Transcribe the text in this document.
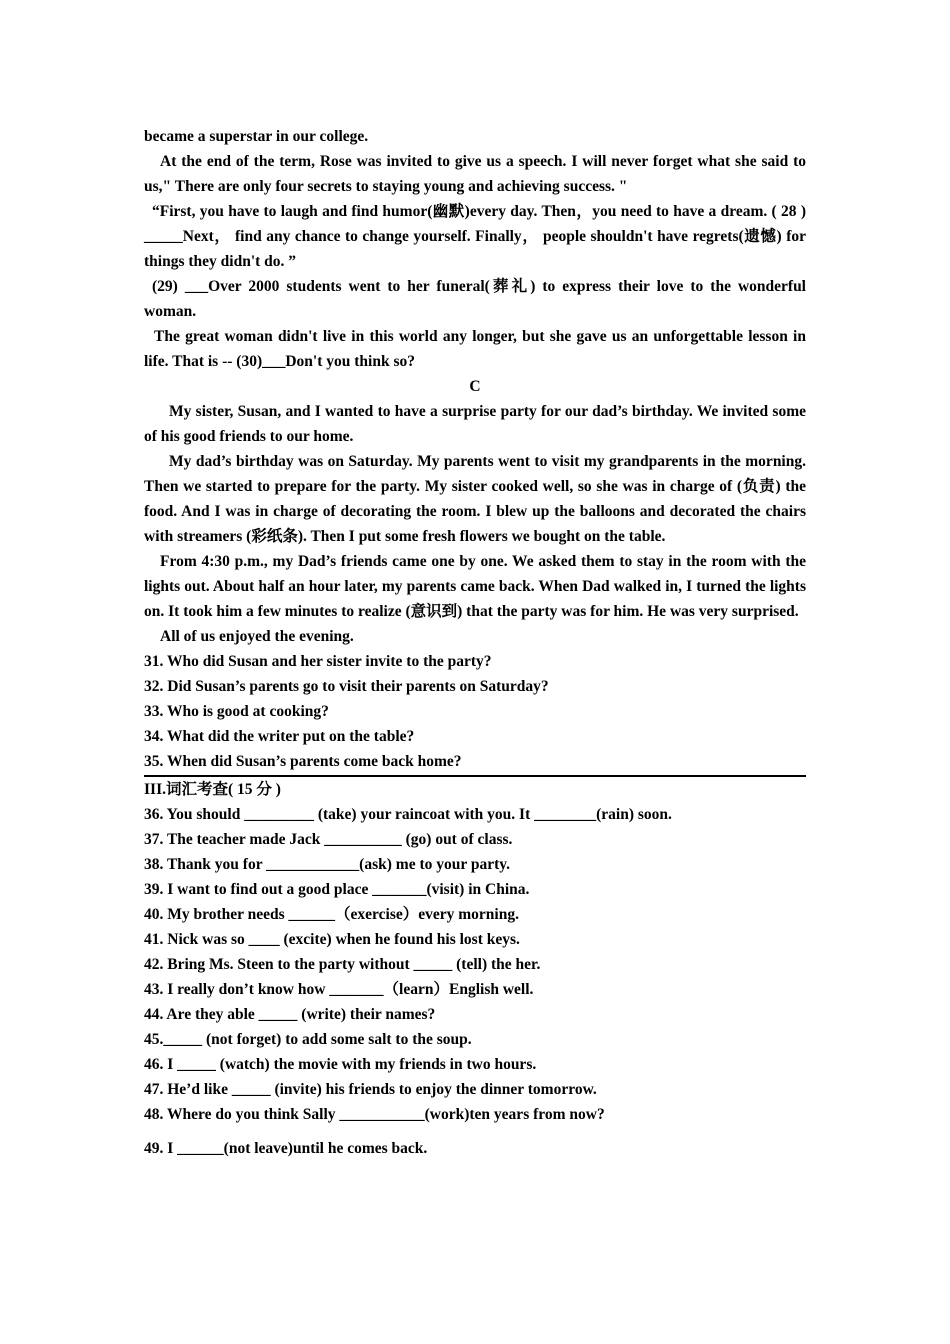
became a superstar in our college.

At the end of the term, Rose was invited to give us a speech. I will never forget what she said to us," There are only four secrets to staying young and achieving success. "

“First, you have to laugh and find humor(幽默)every day. Then，you need to have a dream. ( 28 ) _____Next， find any chance to change yourself. Finally， people shouldn't have regrets(遗憾) for things they didn't do. ”

(29) ___Over 2000 students went to her funeral(葬礼) to express their love to the wonderful woman.

The great woman didn't live in this world any longer, but she gave us an unforgettable lesson in life. That is -- (30)___Don't you think so?

C

My sister, Susan, and I wanted to have a surprise party for our dad’s birthday. We invited some of his good friends to our home.

My dad’s birthday was on Saturday. My parents went to visit my grandparents in the morning. Then we started to prepare for the party. My sister cooked well, so she was in charge of (负责) the food. And I was in charge of decorating the room. I blew up the balloons and decorated the chairs with streamers (彩纸条). Then I put some fresh flowers we bought on the table.

From 4:30 p.m., my Dad’s friends came one by one. We asked them to stay in the room with the lights out. About half an hour later, my parents came back. When Dad walked in, I turned the lights on. It took him a few minutes to realize (意识到) that the party was for him. He was very surprised.

All of us enjoyed the evening.

31. Who did Susan and her sister invite to the party?

32. Did Susan’s parents go to visit their parents on Saturday?

33. Who is good at cooking?

34. What did the writer put on the table?

35. When did Susan’s parents come back home?

III.词汇考查( 15 分 )

36. You should _________ (take) your raincoat with you. It ________(rain) soon.

37. The teacher made Jack __________ (go) out of class.

38. Thank you for ____________(ask) me to your party.

39. I want to find out a good place _______(visit) in China.

40. My brother needs ______（exercise）every morning.

41. Nick was so ____ (excite) when he found his lost keys.

42. Bring Ms. Steen to the party without _____ (tell) the her.

43. I really don’t know how _______（learn）English well.

44. Are they able _____ (write) their names?

45._____ (not forget) to add some salt to the soup.

46. I _____ (watch) the movie with my friends in two hours.

47. He’d like _____ (invite) his friends to enjoy the dinner tomorrow.

48. Where do you think Sally ___________(work)ten years from now?

49. I ______(not leave)until he comes back.
